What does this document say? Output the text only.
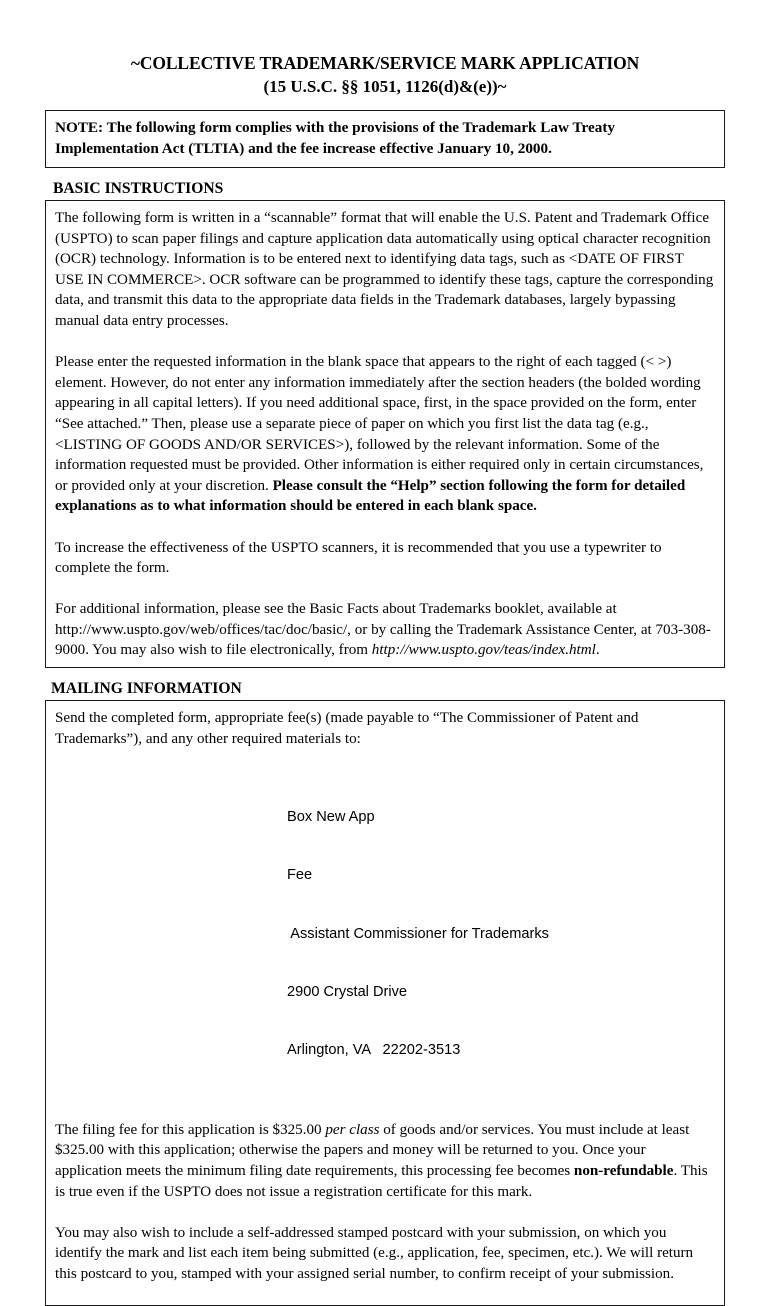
~COLLECTIVE TRADEMARK/SERVICE MARK APPLICATION
(15 U.S.C. §§ 1051, 1126(d)&(e))~

NOTE: The following form complies with the provisions of the Trademark Law Treaty Implementation Act (TLTIA) and the fee increase effective January 10, 2000.

BASIC INSTRUCTIONS

The following form is written in a “scannable” format that will enable the U.S. Patent and Trademark Office (USPTO) to scan paper filings and capture application data automatically using optical character recognition (OCR) technology. Information is to be entered next to identifying data tags, such as <DATE OF FIRST USE IN COMMERCE>. OCR software can be programmed to identify these tags, capture the corresponding data, and transmit this data to the appropriate data fields in the Trademark databases, largely bypassing manual data entry processes.

Please enter the requested information in the blank space that appears to the right of each tagged (< >) element. However, do not enter any information immediately after the section headers (the bolded wording appearing in all capital letters). If you need additional space, first, in the space provided on the form, enter “See attached.” Then, please use a separate piece of paper on which you first list the data tag (e.g., <LISTING OF GOODS AND/OR SERVICES>), followed by the relevant information. Some of the information requested must be provided. Other information is either required only in certain circumstances, or provided only at your discretion. Please consult the “Help” section following the form for detailed explanations as to what information should be entered in each blank space.

To increase the effectiveness of the USPTO scanners, it is recommended that you use a typewriter to complete the form.

For additional information, please see the Basic Facts about Trademarks booklet, available at http://www.uspto.gov/web/offices/tac/doc/basic/, or by calling the Trademark Assistance Center, at 703-308-9000. You may also wish to file electronically, from http://www.uspto.gov/teas/index.html.

MAILING INFORMATION

Send the completed form, appropriate fee(s) (made payable to “The Commissioner of Patent and Trademarks”), and any other required materials to:

Box New App

Fee

Assistant Commissioner for Trademarks

2900 Crystal Drive

Arlington, VA   22202-3513

The filing fee for this application is $325.00 per class of goods and/or services. You must include at least $325.00 with this application; otherwise the papers and money will be returned to you. Once your application meets the minimum filing date requirements, this processing fee becomes non-refundable. This is true even if the USPTO does not issue a registration certificate for this mark.

You may also wish to include a self-addressed stamped postcard with your submission, on which you identify the mark and list each item being submitted (e.g., application, fee, specimen, etc.). We will return this postcard to you, stamped with your assigned serial number, to confirm receipt of your submission.
